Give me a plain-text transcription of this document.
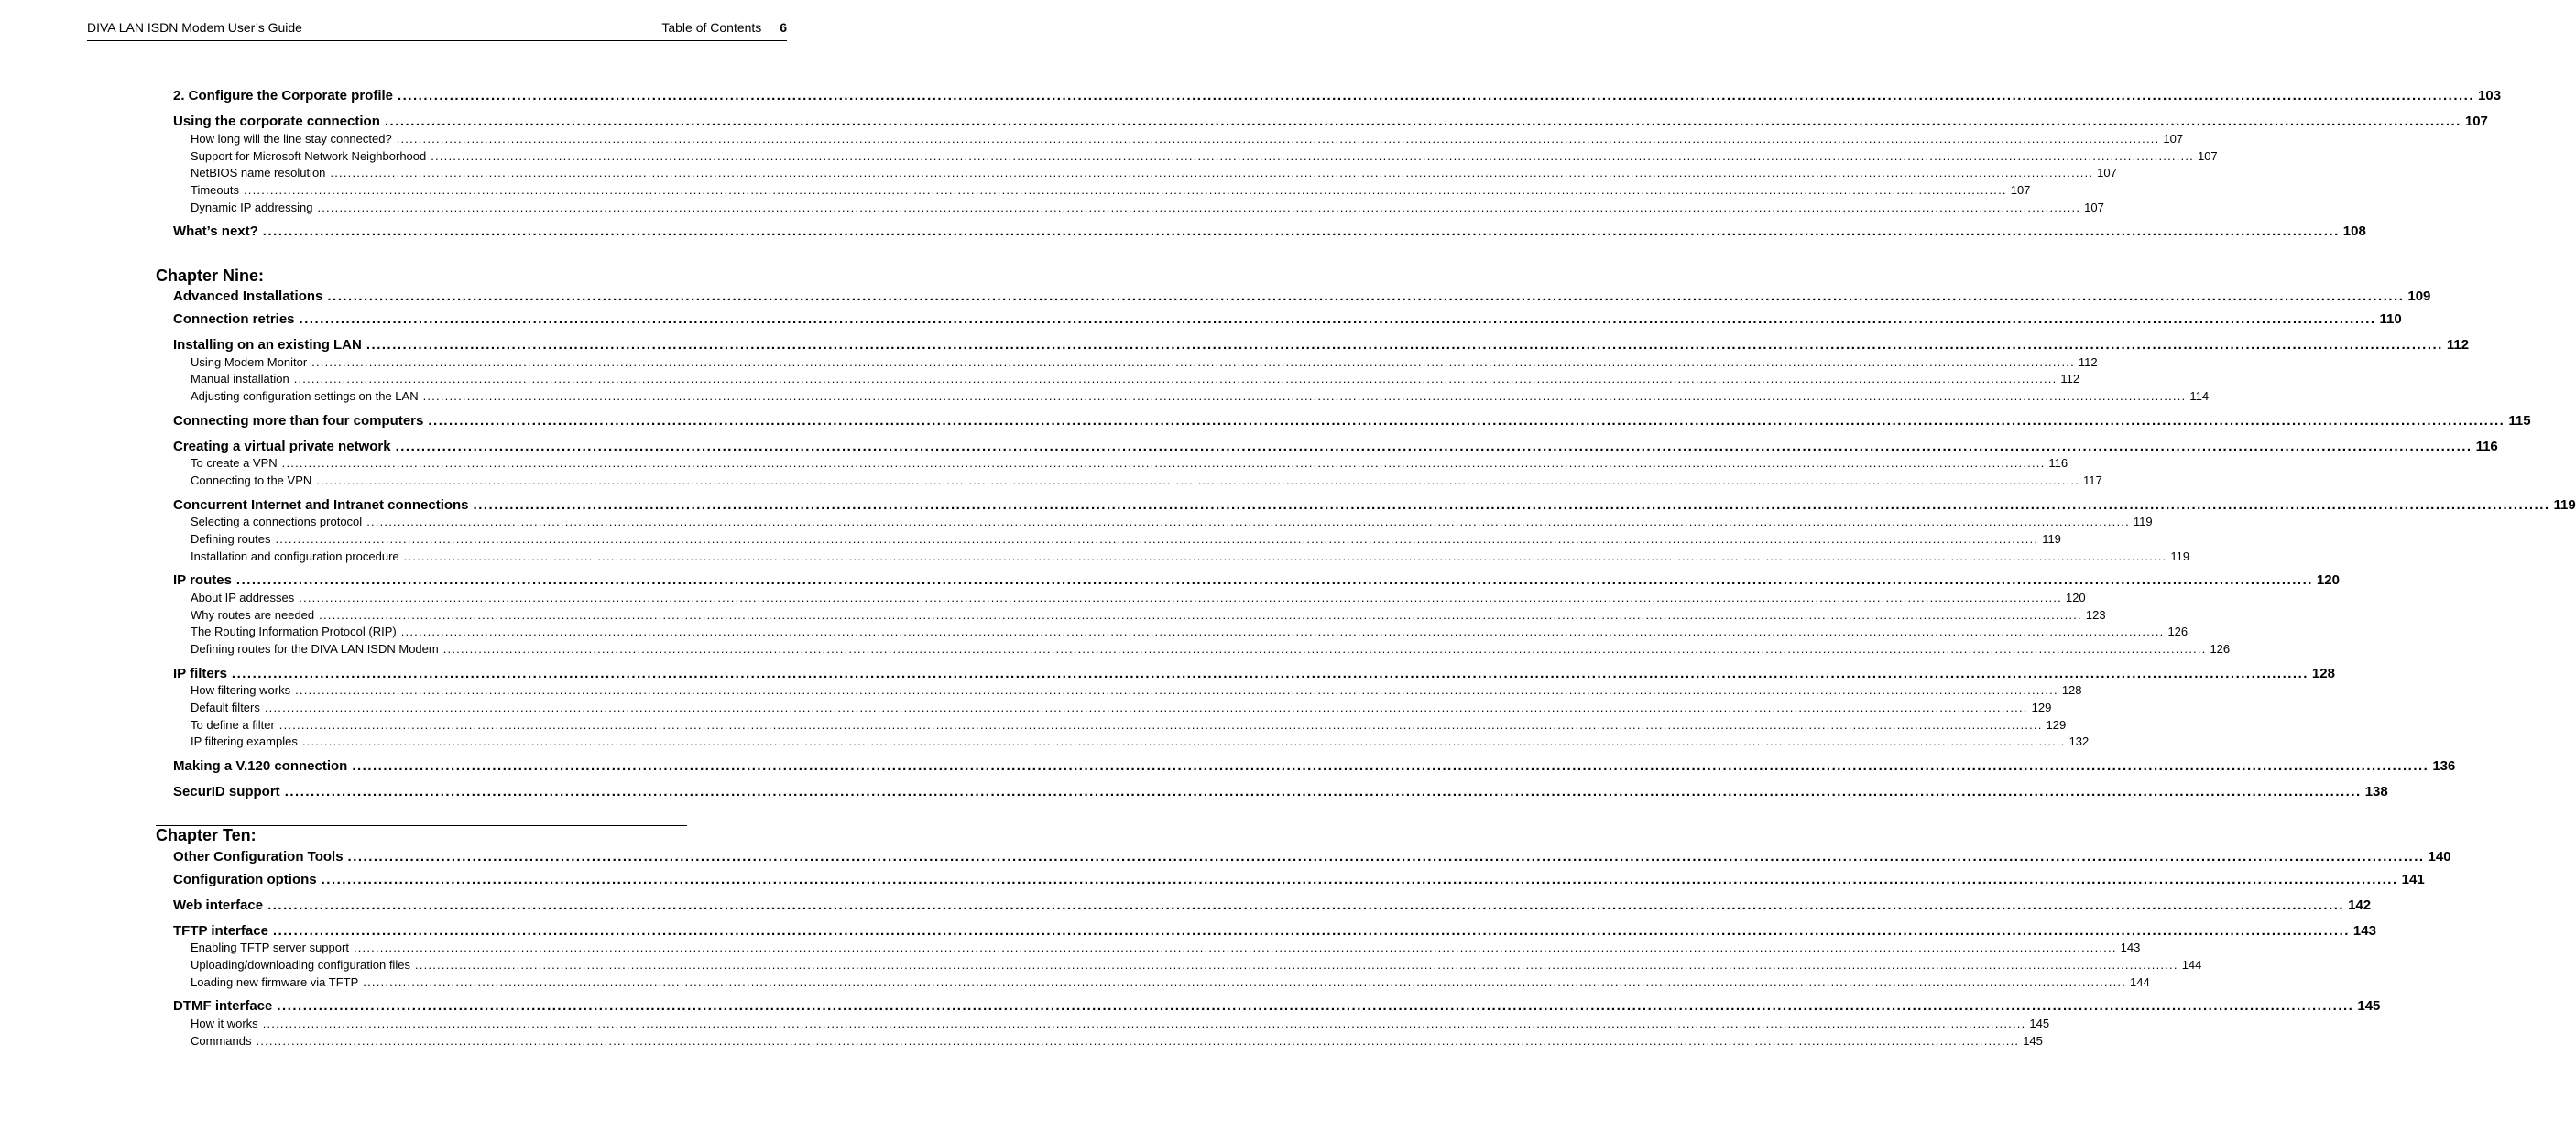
DIVA LAN ISDN Modem User’s Guide	Table of Contents 6
2. Configure the Corporate profile ................................................................................................................................................................................................................................................................................................................................................................................................................ 103
Using the corporate connection ................................................................................................................................................................................................................................................................................................................................................................................................................ 107
How long will the line stay connected? ................................................................................................................................................................................................................................................................................................................................................................................................................ 107
Support for Microsoft Network Neighborhood ................................................................................................................................................................................................................................................................................................................................................................................................................ 107
NetBIOS name resolution ................................................................................................................................................................................................................................................................................................................................................................................................................ 107
Timeouts ................................................................................................................................................................................................................................................................................................................................................................................................................ 107
Dynamic IP addressing ................................................................................................................................................................................................................................................................................................................................................................................................................ 107
What’s next? ................................................................................................................................................................................................................................................................................................................................................................................................................ 108
Chapter Nine:
Advanced Installations ................................................................................................................................................................................................................................................................................................................................................................................................................ 109
Connection retries ................................................................................................................................................................................................................................................................................................................................................................................................................ 110
Installing on an existing LAN ................................................................................................................................................................................................................................................................................................................................................................................................................ 112
Using Modem Monitor ................................................................................................................................................................................................................................................................................................................................................................................................................ 112
Manual installation ................................................................................................................................................................................................................................................................................................................................................................................................................ 112
Adjusting configuration settings on the LAN ................................................................................................................................................................................................................................................................................................................................................................................................................ 114
Connecting more than four computers ................................................................................................................................................................................................................................................................................................................................................................................................................ 115
Creating a virtual private network ................................................................................................................................................................................................................................................................................................................................................................................................................ 116
To create a VPN ................................................................................................................................................................................................................................................................................................................................................................................................................ 116
Connecting to the VPN ................................................................................................................................................................................................................................................................................................................................................................................................................ 117
Concurrent Internet and Intranet connections ................................................................................................................................................................................................................................................................................................................................................................................................................ 119
Selecting a connections protocol ................................................................................................................................................................................................................................................................................................................................................................................................................ 119
Defining routes ................................................................................................................................................................................................................................................................................................................................................................................................................ 119
Installation and configuration procedure ................................................................................................................................................................................................................................................................................................................................................................................................................ 119
IP routes ................................................................................................................................................................................................................................................................................................................................................................................................................ 120
About IP addresses ................................................................................................................................................................................................................................................................................................................................................................................................................ 120
Why routes are needed ................................................................................................................................................................................................................................................................................................................................................................................................................ 123
The Routing Information Protocol (RIP) ................................................................................................................................................................................................................................................................................................................................................................................................................ 126
Defining routes for the DIVA LAN ISDN Modem ................................................................................................................................................................................................................................................................................................................................................................................................................ 126
IP filters ................................................................................................................................................................................................................................................................................................................................................................................................................ 128
How filtering works ................................................................................................................................................................................................................................................................................................................................................................................................................ 128
Default filters ................................................................................................................................................................................................................................................................................................................................................................................................................ 129
To define a filter ................................................................................................................................................................................................................................................................................................................................................................................................................ 129
IP filtering examples ................................................................................................................................................................................................................................................................................................................................................................................................................ 132
Making a V.120 connection ................................................................................................................................................................................................................................................................................................................................................................................................................ 136
SecurID support ................................................................................................................................................................................................................................................................................................................................................................................................................ 138
Chapter Ten:
Other Configuration Tools ................................................................................................................................................................................................................................................................................................................................................................................................................ 140
Configuration options ................................................................................................................................................................................................................................................................................................................................................................................................................ 141
Web interface ................................................................................................................................................................................................................................................................................................................................................................................................................ 142
TFTP interface ................................................................................................................................................................................................................................................................................................................................................................................................................ 143
Enabling TFTP server support ................................................................................................................................................................................................................................................................................................................................................................................................................ 143
Uploading/downloading configuration files ................................................................................................................................................................................................................................................................................................................................................................................................................ 144
Loading new firmware via TFTP ................................................................................................................................................................................................................................................................................................................................................................................................................ 144
DTMF interface ................................................................................................................................................................................................................................................................................................................................................................................................................ 145
How it works ................................................................................................................................................................................................................................................................................................................................................................................................................ 145
Commands ................................................................................................................................................................................................................................................................................................................................................................................................................ 145
